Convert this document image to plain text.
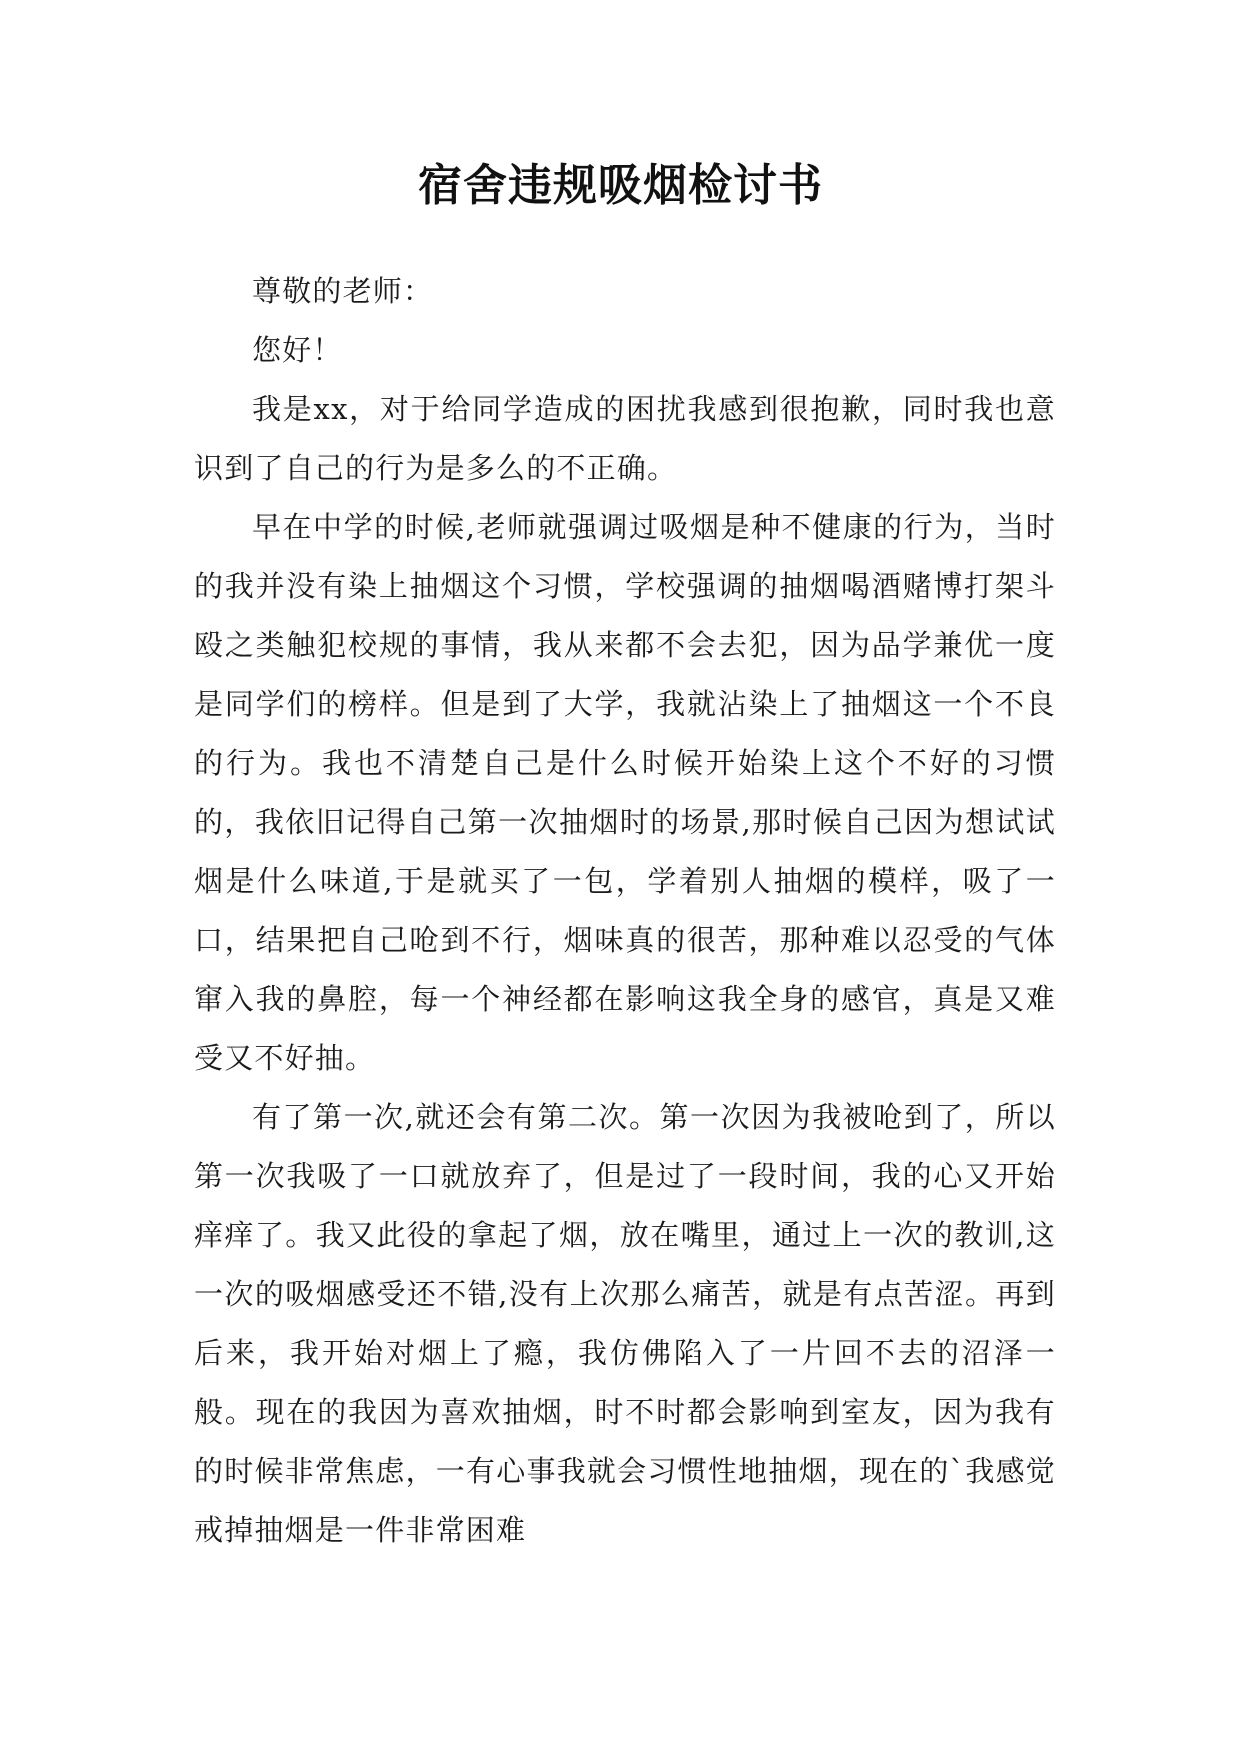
宿舍违规吸烟检讨书

尊敬的老师：

您好！

我是xx，对于给同学造成的困扰我感到很抱歉，同时我也意识到了自己的行为是多么的不正确。

早在中学的时候,老师就强调过吸烟是种不健康的行为，当时的我并没有染上抽烟这个习惯，学校强调的抽烟喝酒赌博打架斗殴之类触犯校规的事情，我从来都不会去犯，因为品学兼优一度是同学们的榜样。但是到了大学，我就沾染上了抽烟这一个不良的行为。我也不清楚自己是什么时候开始染上这个不好的习惯的，我依旧记得自己第一次抽烟时的场景,那时候自己因为想试试烟是什么味道,于是就买了一包，学着别人抽烟的模样，吸了一口，结果把自己呛到不行，烟味真的很苦，那种难以忍受的气体窜入我的鼻腔，每一个神经都在影响这我全身的感官，真是又难受又不好抽。

有了第一次,就还会有第二次。第一次因为我被呛到了，所以第一次我吸了一口就放弃了，但是过了一段时间，我的心又开始痒痒了。我又此役的拿起了烟，放在嘴里，通过上一次的教训,这一次的吸烟感受还不错,没有上次那么痛苦，就是有点苦涩。再到后来，我开始对烟上了瘾，我仿佛陷入了一片回不去的沼泽一般。现在的我因为喜欢抽烟，时不时都会影响到室友，因为我有的时候非常焦虑，一有心事我就会习惯性地抽烟，现在的`我感觉戒掉抽烟是一件非常困难
